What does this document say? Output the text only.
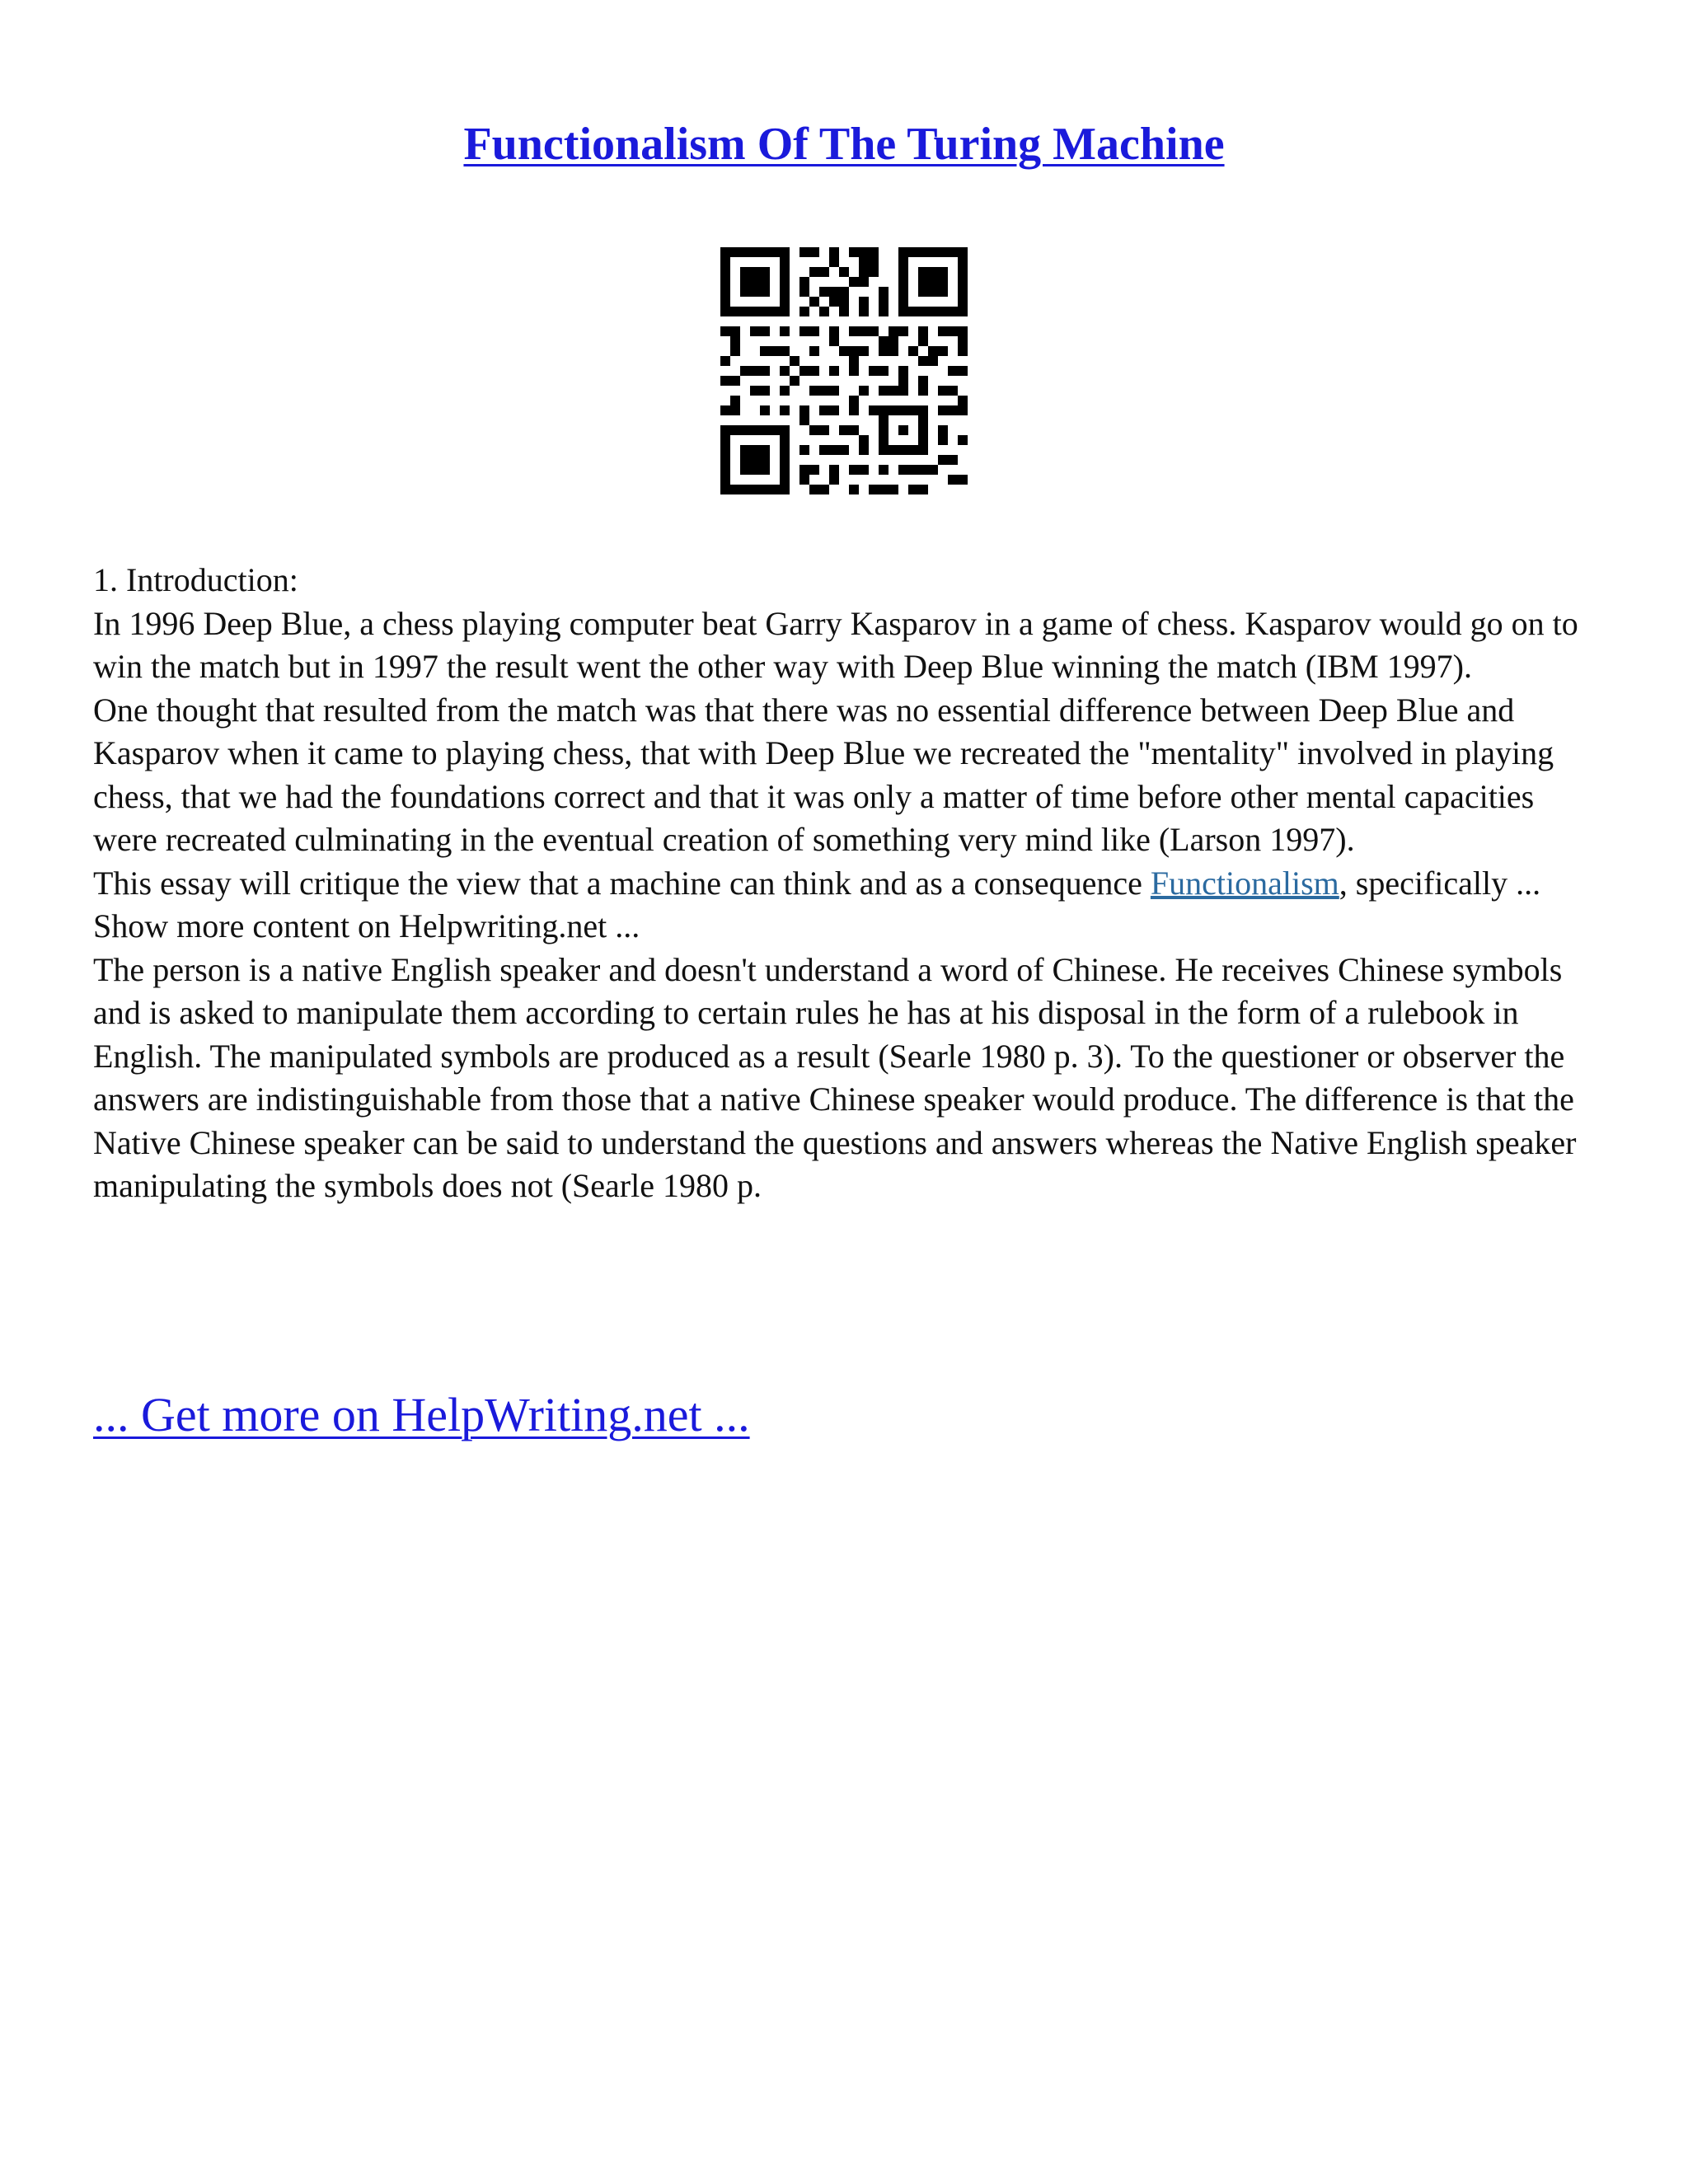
Functionalism Of The Turing Machine

1. Introduction:

In 1996 Deep Blue, a chess playing computer beat Garry Kasparov in a game of chess. Kasparov would go on to win the match but in 1997 the result went the other way with Deep Blue winning the match (IBM 1997).

One thought that resulted from the match was that there was no essential difference between Deep Blue and Kasparov when it came to playing chess, that with Deep Blue we recreated the "mentality" involved in playing chess, that we had the foundations correct and that it was only a matter of time before other mental capacities were recreated culminating in the eventual creation of something very mind like (Larson 1997).

This essay will critique the view that a machine can think and as a consequence Functionalism, specifically ... Show more content on Helpwriting.net ...

The person is a native English speaker and doesn't understand a word of Chinese. He receives Chinese symbols and is asked to manipulate them according to certain rules he has at his disposal in the form of a rulebook in English. The manipulated symbols are produced as a result (Searle 1980 p. 3). To the questioner or observer the answers are indistinguishable from those that a native Chinese speaker would produce. The difference is that the Native Chinese speaker can be said to understand the questions and answers whereas the Native English speaker manipulating the symbols does not (Searle 1980 p.

... Get more on HelpWriting.net ...
